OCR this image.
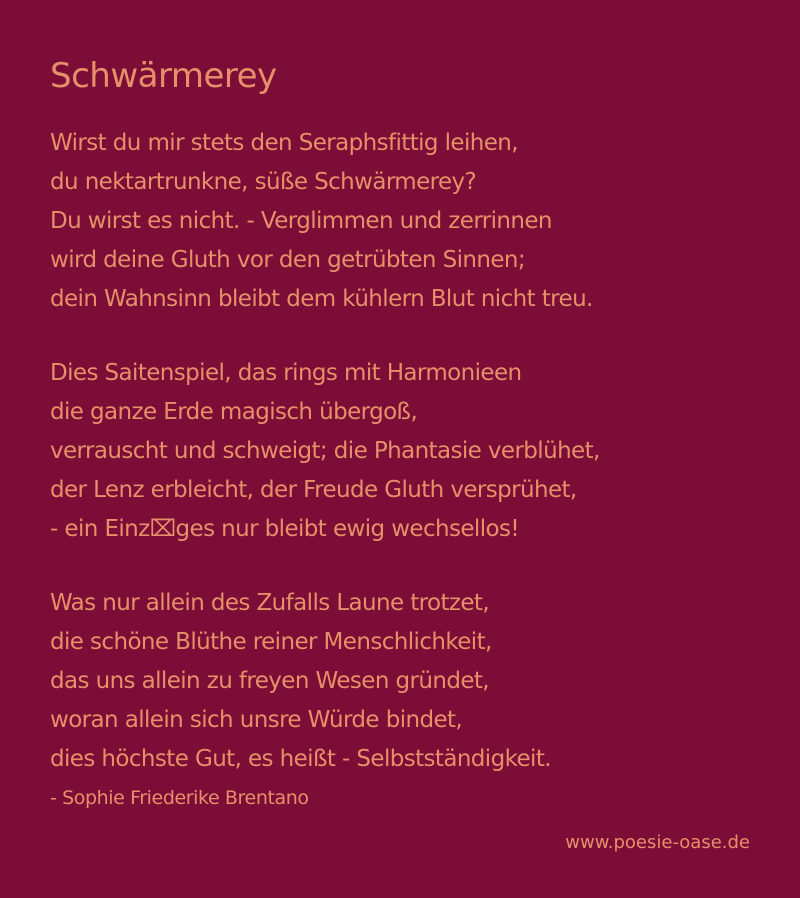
Schwärmerey
Wirst du mir stets den Seraphsfittig leihen,
du nektartrunkne, süße Schwärmerey?
Du wirst es nicht. - Verglimmen und zerrinnen
wird deine Gluth vor den getrübten Sinnen;
dein Wahnsinn bleibt dem kühlern Blut nicht treu.
Dies Saitenspiel, das rings mit Harmonieen
die ganze Erde magisch übergoß,
verrauscht und schweigt; die Phantasie verblühet,
der Lenz erbleicht, der Freude Gluth versprühet,
- ein Einz⌧ges nur bleibt ewig wechsellos!
Was nur allein des Zufalls Laune trotzet,
die schöne Blüthe reiner Menschlichkeit,
das uns allein zu freyen Wesen gründet,
woran allein sich unsre Würde bindet,
dies höchste Gut, es heißt - Selbstständigkeit.
- Sophie Friederike Brentano
www.poesie-oase.de
